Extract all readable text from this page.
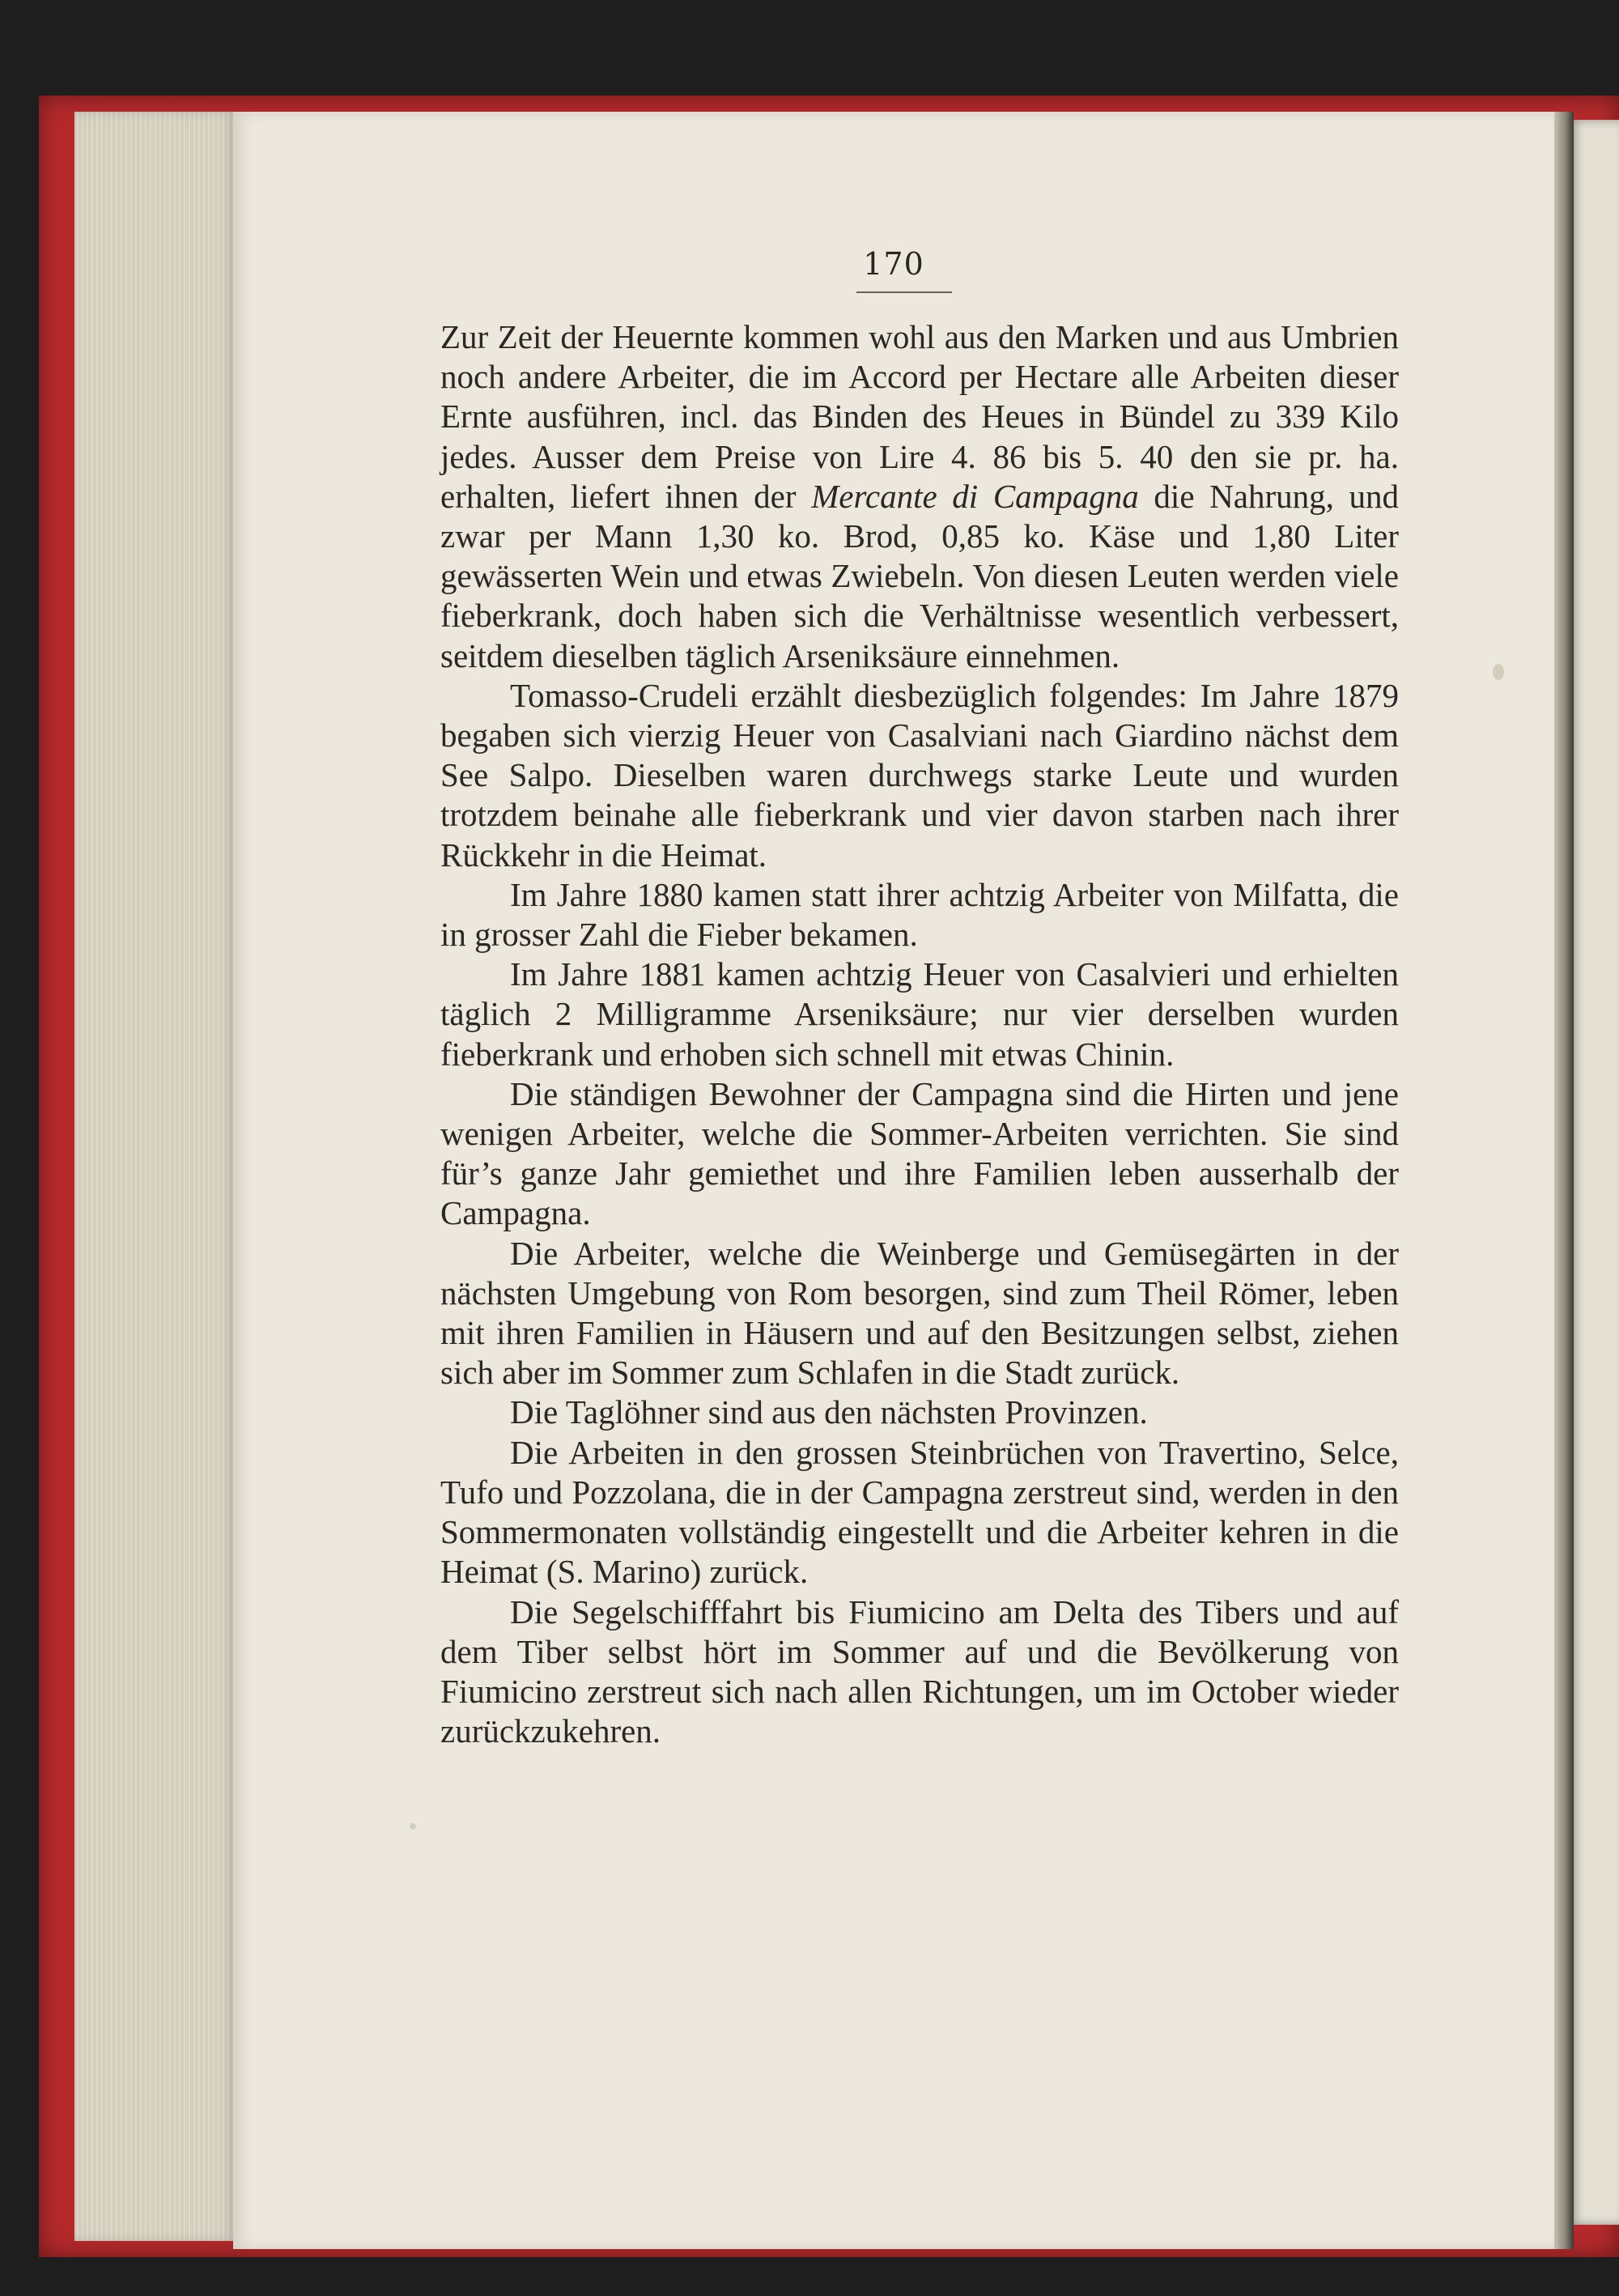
170

Zur Zeit der Heuernte kommen wohl aus den Marken und aus Umbrien noch andere Arbeiter, die im Accord per Hectare alle Arbeiten dieser Ernte ausführen, incl. das Binden des Heues in Bündel zu 339 Kilo jedes. Ausser dem Preise von Lire 4. 86 bis 5. 40 den sie pr. ha. erhalten, liefert ihnen der Mercante di Campagna die Nahrung, und zwar per Mann 1,30 ko. Brod, 0,85 ko. Käse und 1,80 Liter gewässerten Wein und etwas Zwiebeln. Von diesen Leuten werden viele fieberkrank, doch haben sich die Verhältnisse wesentlich verbessert, seitdem dieselben täglich Arseniksäure einnehmen.

Tomasso-Crudeli erzählt diesbezüglich folgendes: Im Jahre 1879 begaben sich vierzig Heuer von Casalviani nach Giardino nächst dem See Salpo. Dieselben waren durchwegs starke Leute und wurden trotzdem beinahe alle fieberkrank und vier davon starben nach ihrer Rückkehr in die Heimat.

Im Jahre 1880 kamen statt ihrer achtzig Arbeiter von Milfatta, die in grosser Zahl die Fieber bekamen.

Im Jahre 1881 kamen achtzig Heuer von Casalvieri und erhielten täglich 2 Milligramme Arseniksäure; nur vier derselben wurden fieberkrank und erhoben sich schnell mit etwas Chinin.

Die ständigen Bewohner der Campagna sind die Hirten und jene wenigen Arbeiter, welche die Sommer-Arbeiten verrichten. Sie sind für’s ganze Jahr gemiethet und ihre Familien leben ausserhalb der Campagna.

Die Arbeiter, welche die Weinberge und Gemüsegärten in der nächsten Umgebung von Rom besorgen, sind zum Theil Römer, leben mit ihren Familien in Häusern und auf den Besitzungen selbst, ziehen sich aber im Sommer zum Schlafen in die Stadt zurück.

Die Taglöhner sind aus den nächsten Provinzen.

Die Arbeiten in den grossen Steinbrüchen von Travertino, Selce, Tufo und Pozzolana, die in der Campagna zerstreut sind, werden in den Sommermonaten vollständig eingestellt und die Arbeiter kehren in die Heimat (S. Marino) zurück.

Die Segelschifffahrt bis Fiumicino am Delta des Tibers und auf dem Tiber selbst hört im Sommer auf und die Bevölkerung von Fiumicino zerstreut sich nach allen Richtungen, um im October wieder zurückzukehren.
